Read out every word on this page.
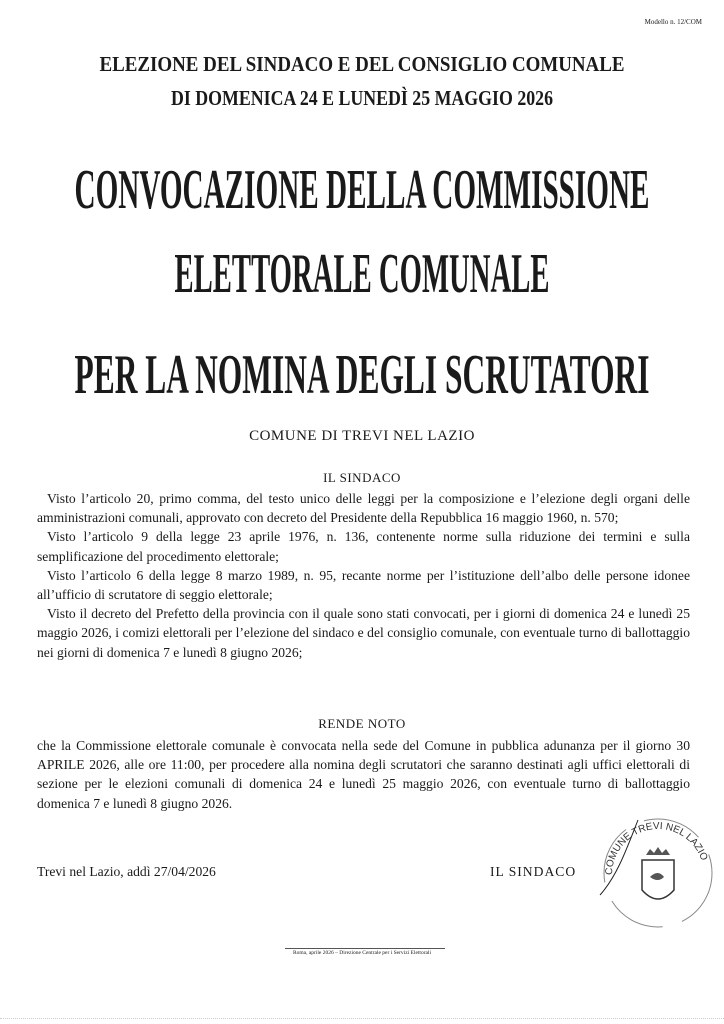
Modello n. 12/COM
ELEZIONE DEL SINDACO E DEL CONSIGLIO COMUNALE
DI DOMENICA 24 E LUNEDÌ 25 MAGGIO 2026
CONVOCAZIONE DELLA COMMISSIONE
ELETTORALE COMUNALE
PER LA NOMINA DEGLI SCRUTATORI
COMUNE DI TREVI NEL LAZIO
IL SINDACO

Visto l’articolo 20, primo comma, del testo unico delle leggi per la composizione e l’elezione degli organi delle amministrazioni comunali, approvato con decreto del Presidente della Repubblica 16 maggio 1960, n. 570;

Visto l’articolo 9 della legge 23 aprile 1976, n. 136, contenente norme sulla riduzione dei termini e sulla semplificazione del procedimento elettorale;

Visto l’articolo 6 della legge 8 marzo 1989, n. 95, recante norme per l’istituzione dell’albo delle persone idonee all’ufficio di scrutatore di seggio elettorale;

Visto il decreto del Prefetto della provincia con il quale sono stati convocati, per i giorni di domenica 24 e lunedì 25 maggio 2026, i comizi elettorali per l’elezione del sindaco e del consiglio comunale, con eventuale turno di ballottaggio nei giorni di domenica 7 e lunedì 8 giugno 2026;

RENDE NOTO

che la Commissione elettorale comunale è convocata nella sede del Comune in pubblica adunanza per il giorno 30 APRILE 2026, alle ore 11:00, per procedere alla nomina degli scrutatori che saranno destinati agli uffici elettorali di sezione per le elezioni comunali di domenica 24 e lunedì 25 maggio 2026, con eventuale turno di ballottaggio domenica 7 e lunedì 8 giugno 2026.

Trevi nel Lazio, addì 27/04/2026	IL SINDACO	COMUNE TREVI NEL LAZIO
Roma, aprile 2026 – Direzione Centrale per i Servizi Elettorali
